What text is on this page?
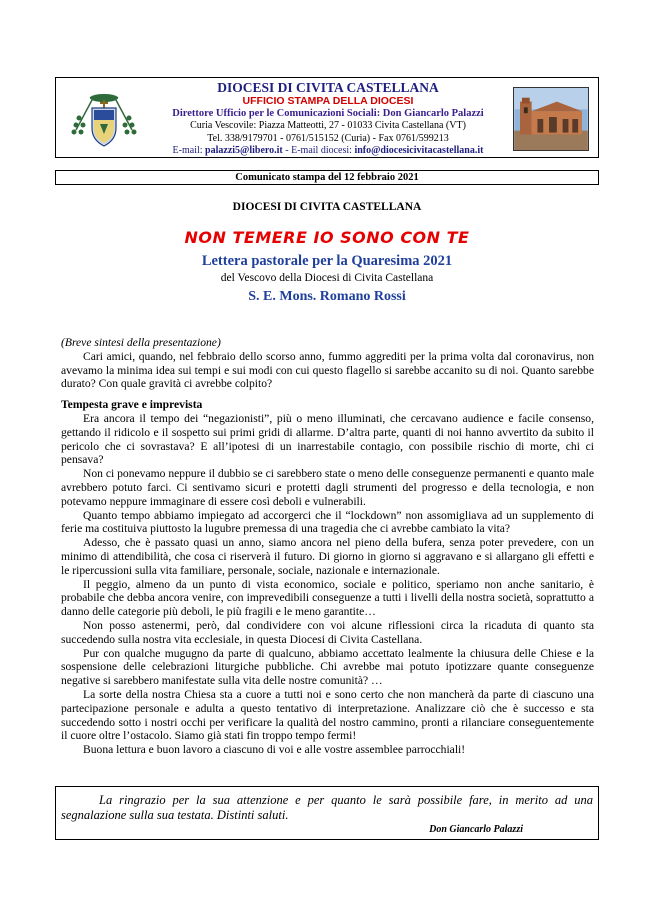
DIOCESI DI CIVITA CASTELLANA
UFFICIO STAMPA DELLA DIOCESI
Direttore Ufficio per le Comunicazioni Sociali: Don Giancarlo Palazzi
Curia Vescovile: Piazza Matteotti, 27 - 01033 Civita Castellana (VT)
Tel. 338/9179701 - 0761/515152 (Curia) - Fax 0761/599213
E-mail: palazzi5@libero.it - E-mail diocesi: info@diocesicivitacastellana.it
Comunicato stampa del 12 febbraio 2021
DIOCESI DI CIVITA CASTELLANA
NON TEMERE IO SONO CON TE
Lettera pastorale per la Quaresima 2021
del Vescovo della Diocesi di Civita Castellana
S. E. Mons. Romano Rossi

(Breve sintesi della presentazione)

Cari amici, quando, nel febbraio dello scorso anno, fummo aggrediti per la prima volta dal coronavirus, non avevamo la minima idea sui tempi e sui modi con cui questo flagello si sarebbe accanito su di noi. Quanto sarebbe durato? Con quale gravità ci avrebbe colpito?

Tempesta grave e imprevista

Era ancora il tempo dei “negazionisti”, più o meno illuminati, che cercavano audience e facile consenso, gettando il ridicolo e il sospetto sui primi gridi di allarme. D’altra parte, quanti di noi hanno avvertito da subito il pericolo che ci sovrastava? E all’ipotesi di un inarrestabile contagio, con possibile rischio di morte, chi ci pensava?

Non ci ponevamo neppure il dubbio se ci sarebbero state o meno delle conseguenze permanenti e quanto male avrebbero potuto farci. Ci sentivamo sicuri e protetti dagli strumenti del progresso e della tecnologia, e non potevamo neppure immaginare di essere così deboli e vulnerabili.

Quanto tempo abbiamo impiegato ad accorgerci che il “lockdown” non assomigliava ad un supplemento di ferie ma costituiva piuttosto la lugubre premessa di una tragedia che ci avrebbe cambiato la vita?

Adesso, che è passato quasi un anno, siamo ancora nel pieno della bufera, senza poter prevedere, con un minimo di attendibilità, che cosa ci riserverà il futuro. Di giorno in giorno si aggravano e si allargano gli effetti e le ripercussioni sulla vita familiare, personale, sociale, nazionale e internazionale.

Il peggio, almeno da un punto di vista economico, sociale e politico, speriamo non anche sanitario, è probabile che debba ancora venire, con imprevedibili conseguenze a tutti i livelli della nostra società, soprattutto a danno delle categorie più deboli, le più fragili e le meno garantite…

Non posso astenermi, però, dal condividere con voi alcune riflessioni circa la ricaduta di quanto sta succedendo sulla nostra vita ecclesiale, in questa Diocesi di Civita Castellana.

Pur con qualche mugugno da parte di qualcuno, abbiamo accettato lealmente la chiusura delle Chiese e la sospensione delle celebrazioni liturgiche pubbliche. Chi avrebbe mai potuto ipotizzare quante conseguenze negative si sarebbero manifestate sulla vita delle nostre comunità? …

La sorte della nostra Chiesa sta a cuore a tutti noi e sono certo che non mancherà da parte di ciascuno una partecipazione personale e adulta a questo tentativo di interpretazione. Analizzare ciò che è successo e sta succedendo sotto i nostri occhi per verificare la qualità del nostro cammino, pronti a rilanciare conseguentemente il cuore oltre l’ostacolo. Siamo già stati fin troppo tempo fermi!

Buona lettura e buon lavoro a ciascuno di voi e alle vostre assemblee parrocchiali!

La ringrazio per la sua attenzione e per quanto le sarà possibile fare, in merito ad una segnalazione sulla sua testata. Distinti saluti.

Don Giancarlo Palazzi
